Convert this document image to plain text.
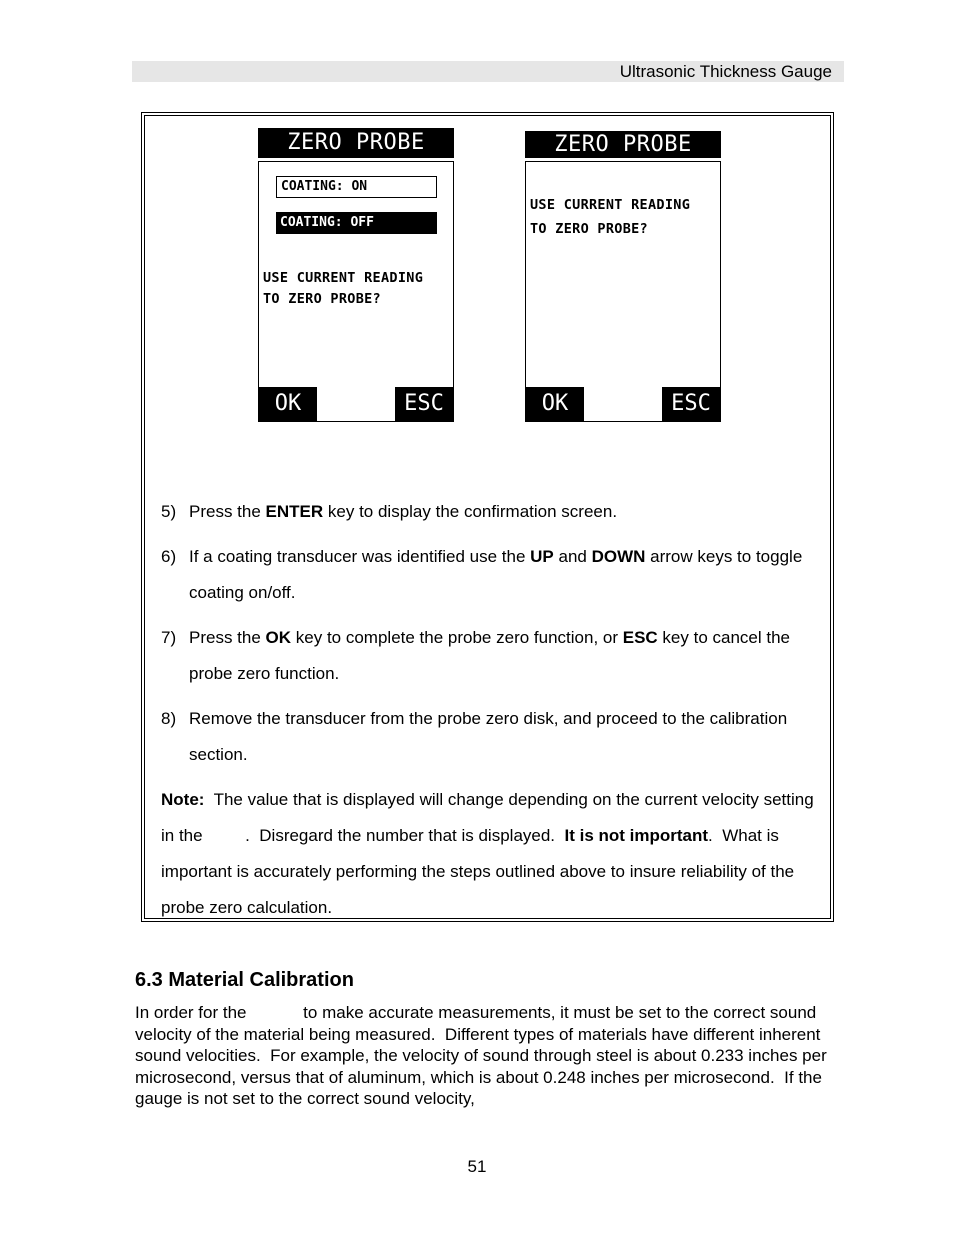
Ultrasonic Thickness Gauge
ZERO PROBE
COATING: ON
COATING: OFF
USE CURRENT READING
TO ZERO PROBE?
OK	ESC
ZERO PROBE
USE CURRENT READING
TO ZERO PROBE?
OK	ESC
5) Press the ENTER key to display the confirmation screen.
6) If a coating transducer was identified use the UP and DOWN arrow keys to toggle coating on/off.
7) Press the OK key to complete the probe zero function, or ESC key to cancel the probe zero function.
8) Remove the transducer from the probe zero disk, and proceed to the calibration section.
Note:  The value that is displayed will change depending on the current velocity setting in the         .  Disregard the number that is displayed.  It is not important.  What is important is accurately performing the steps outlined above to insure reliability of the probe zero calculation.
6.3 Material Calibration
In order for the            to make accurate measurements, it must be set to the correct sound velocity of the material being measured.  Different types of materials have different inherent sound velocities.  For example, the velocity of sound through steel is about 0.233 inches per microsecond, versus that of aluminum, which is about 0.248 inches per microsecond.  If the gauge is not set to the correct sound velocity,
51
